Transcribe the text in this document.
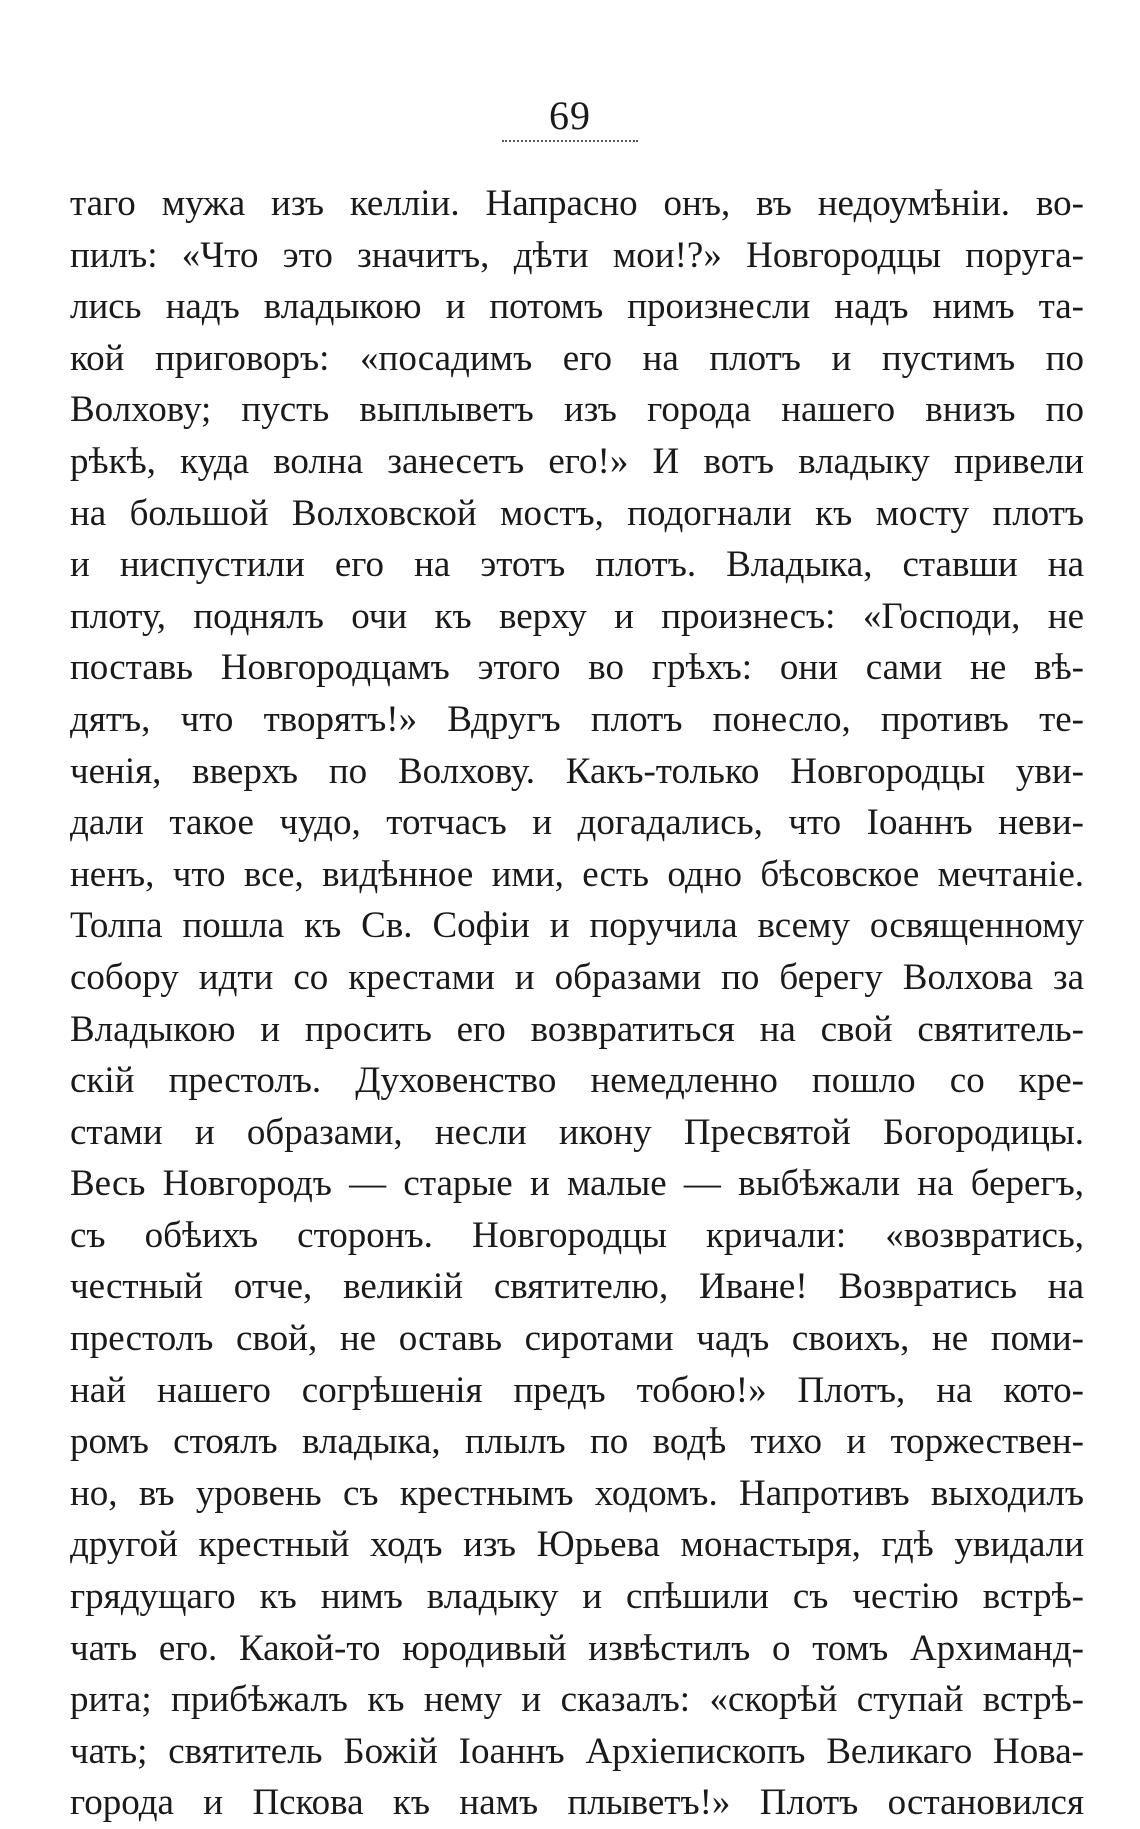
69
таго мужа изъ келліи. Напрасно онъ, въ недоумѣніи. во-
пилъ: «Что это значитъ, дѣти мои!?» Новгородцы поруга-
лись надъ владыкою и потомъ произнесли надъ нимъ та-
кой приговоръ: «посадимъ его на плотъ и пустимъ по
Волхову; пусть выплыветъ изъ города нашего внизъ по
рѣкѣ, куда волна занесетъ его!» И вотъ владыку привели
на большой Волховской мостъ, подогнали къ мосту плотъ
и ниспустили его на этотъ плотъ. Владыка, ставши на
плоту, поднялъ очи къ верху и произнесъ: «Господи, не
поставь Новгородцамъ этого во грѣхъ: они сами не вѣ-
дятъ, что творятъ!» Вдругъ плотъ понесло, противъ те-
ченія, вверхъ по Волхову. Какъ-только Новгородцы уви-
дали такое чудо, тотчасъ и догадались, что Іоаннъ неви-
ненъ, что все, видѣнное ими, есть одно бѣсовское мечтаніе.
Толпа пошла къ Св. Софіи и поручила всему освященному
собору идти со крестами и образами по берегу Волхова за
Владыкою и просить его возвратиться на свой святитель-
скій престолъ. Духовенство немедленно пошло со кре-
стами и образами, несли икону Пресвятой Богородицы.
Весь Новгородъ — старые и малые — выбѣжали на берегъ,
съ обѣихъ сторонъ. Новгородцы кричали: «возвратись,
честный отче, великій святителю, Иване! Возвратись на
престолъ свой, не оставь сиротами чадъ своихъ, не поми-
най нашего согрѣшенія предъ тобою!» Плотъ, на кото-
ромъ стоялъ владыка, плылъ по водѣ тихо и торжествен-
но, въ уровень съ крестнымъ ходомъ. Напротивъ выходилъ
другой крестный ходъ изъ Юрьева монастыря, гдѣ увидали
грядущаго къ нимъ владыку и спѣшили съ честію встрѣ-
чать его. Какой-то юродивый извѣстилъ о томъ Архиманд-
рита; прибѣжалъ къ нему и сказалъ: «скорѣй ступай встрѣ-
чать; святитель Божій Іоаннъ Архіепископъ Великаго Нова-
города и Пскова къ намъ плыветъ!» Плотъ остановился
